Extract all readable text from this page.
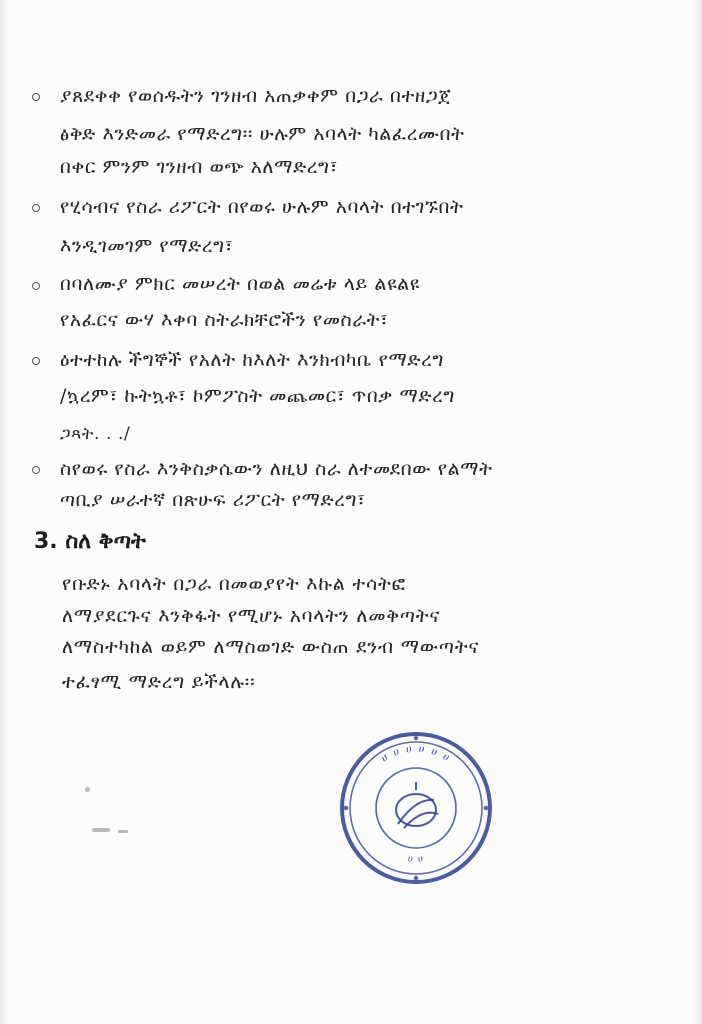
ያጸደቀቀ የወሰዱትን ገንዘብ አጠቃቀም በጋራ በተዘጋጀ

ፅቅድ እንድመራ የማድረግ፡፡ ሁሉም አባላት ካልፈረሙበት

በቀር ምንም ገንዘብ ወጭ አለማድረግ፣

የሂሳብና የስራ ሪፖርት በየወሩ ሁሉም አባላት በተገኙበት

እንዲገመገም የማድረግ፣

በባለሙያ ምክር መሠረት በወል መሬቱ ላይ ልዩልዩ

የአፈርና ውሃ እቀባ ስትራክቸሮችን የመስራት፣

ዕተተከሉ ችግኞች የአለት ከእለት እንክብካቤ የማድረግ

/ኳረም፣ ኩትኳቶ፣ ኮምፖስት መጨመር፣ ጥበቃ ማድረግ

ጋጻት. . ./

ስየወሩ የስራ እንቅስቃሴውን ለዚህ ስራ ለተመደበው የልማት

ጣቢያ ሠራተኛ በጽሁፍ ሪፖርት የማድረግ፣

3. ስለ ቅጣት

የቡድኑ አባላት በጋራ በመወያየት እኩል ተሳትፎ

ለማያደርጉና እንቅፋት የሚሆኑ አባላትን ለመቅጣትና

ለማስተካከል ወይም ለማስወገድ ውስጠ ደንብ ማውጣትና

ተፈፃሚ ማድረግ ይችላሉ፡፡

ሀ ሀ ሀ ሀ ሀ ሀ
ሀ ሀ
